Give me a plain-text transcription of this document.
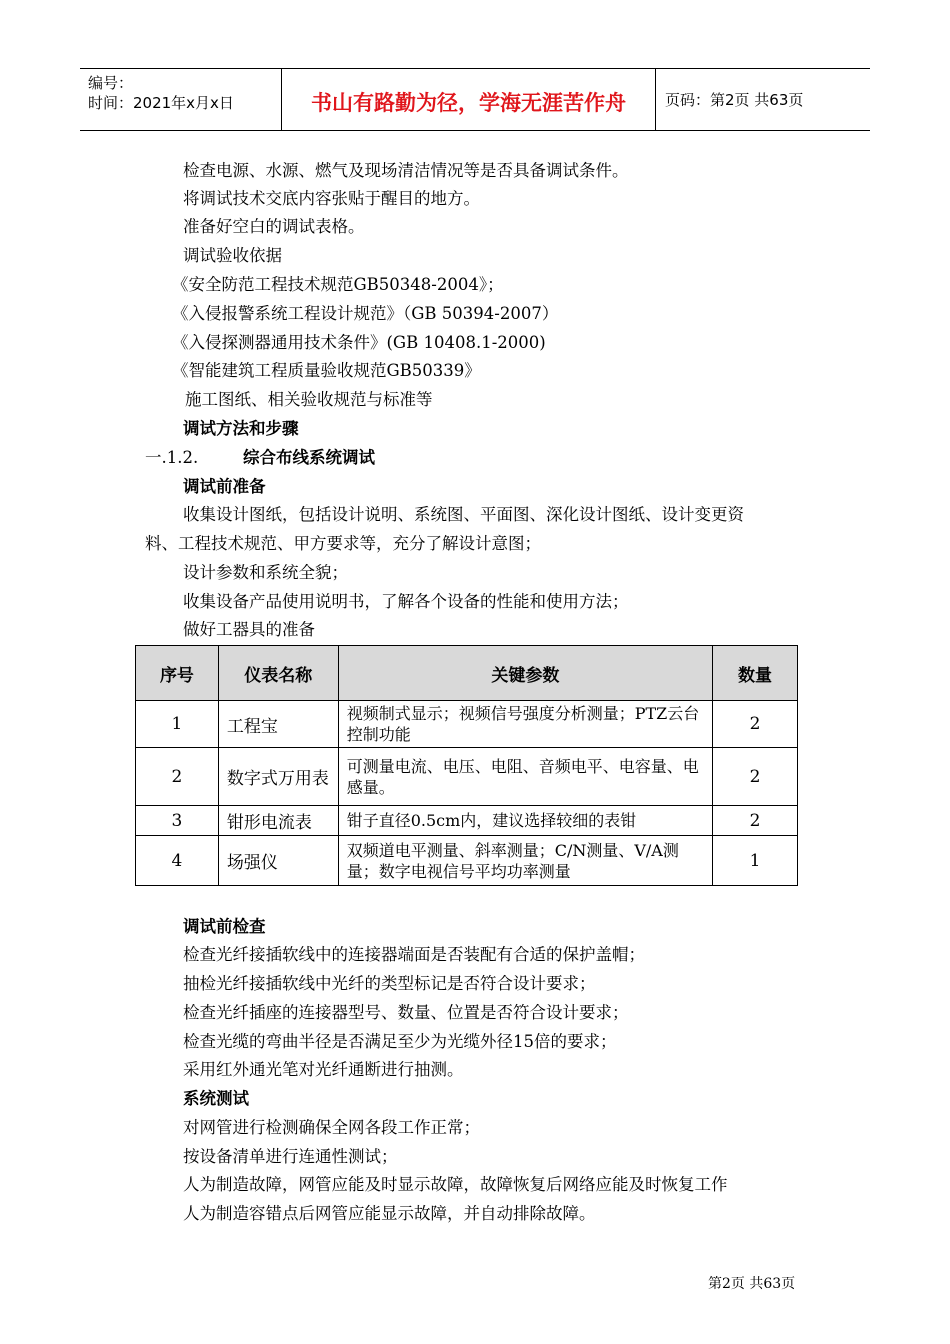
编号：
时间：2021年x月x日	书山有路勤为径，学海无涯苦作舟	页码：第2页 共63页
检查电源、水源、燃气及现场清洁情况等是否具备调试条件。
将调试技术交底内容张贴于醒目的地方。
准备好空白的调试表格。
调试验收依据
《安全防范工程技术规范GB50348-2004》；
《入侵报警系统工程设计规范》（GB 50394-2007）
《入侵探测器通用技术条件》(GB 10408.1-2000)
《智能建筑工程质量验收规范GB50339》
施工图纸、相关验收规范与标准等
调试方法和步骤
一.1.2.	综合布线系统调试
调试前准备
收集设计图纸，包括设计说明、系统图、平面图、深化设计图纸、设计变更资
料、工程技术规范、甲方要求等，充分了解设计意图；
设计参数和系统全貌；
收集设备产品使用说明书，了解各个设备的性能和使用方法；
做好工器具的准备
序号	仪表名称	关键参数	数量
1	工程宝	视频制式显示；视频信号强度分析测量；PTZ云台控制功能	2
2	数字式万用表	可测量电流、电压、电阻、音频电平、电容量、电感量。	2
3	钳形电流表	钳子直径0.5cm内，建议选择较细的表钳	2
4	场强仪	双频道电平测量、斜率测量；C/N测量、V/A测量；数字电视信号平均功率测量	1
调试前检查
检查光纤接插软线中的连接器端面是否装配有合适的保护盖帽；
抽检光纤接插软线中光纤的类型标记是否符合设计要求；
检查光纤插座的连接器型号、数量、位置是否符合设计要求；
检查光缆的弯曲半径是否满足至少为光缆外径15倍的要求；
采用红外通光笔对光纤通断进行抽测。
系统测试
对网管进行检测确保全网各段工作正常；
按设备清单进行连通性测试；
人为制造故障，网管应能及时显示故障，故障恢复后网络应能及时恢复工作
人为制造容错点后网管应能显示故障，并自动排除故障。
第2页 共63页
